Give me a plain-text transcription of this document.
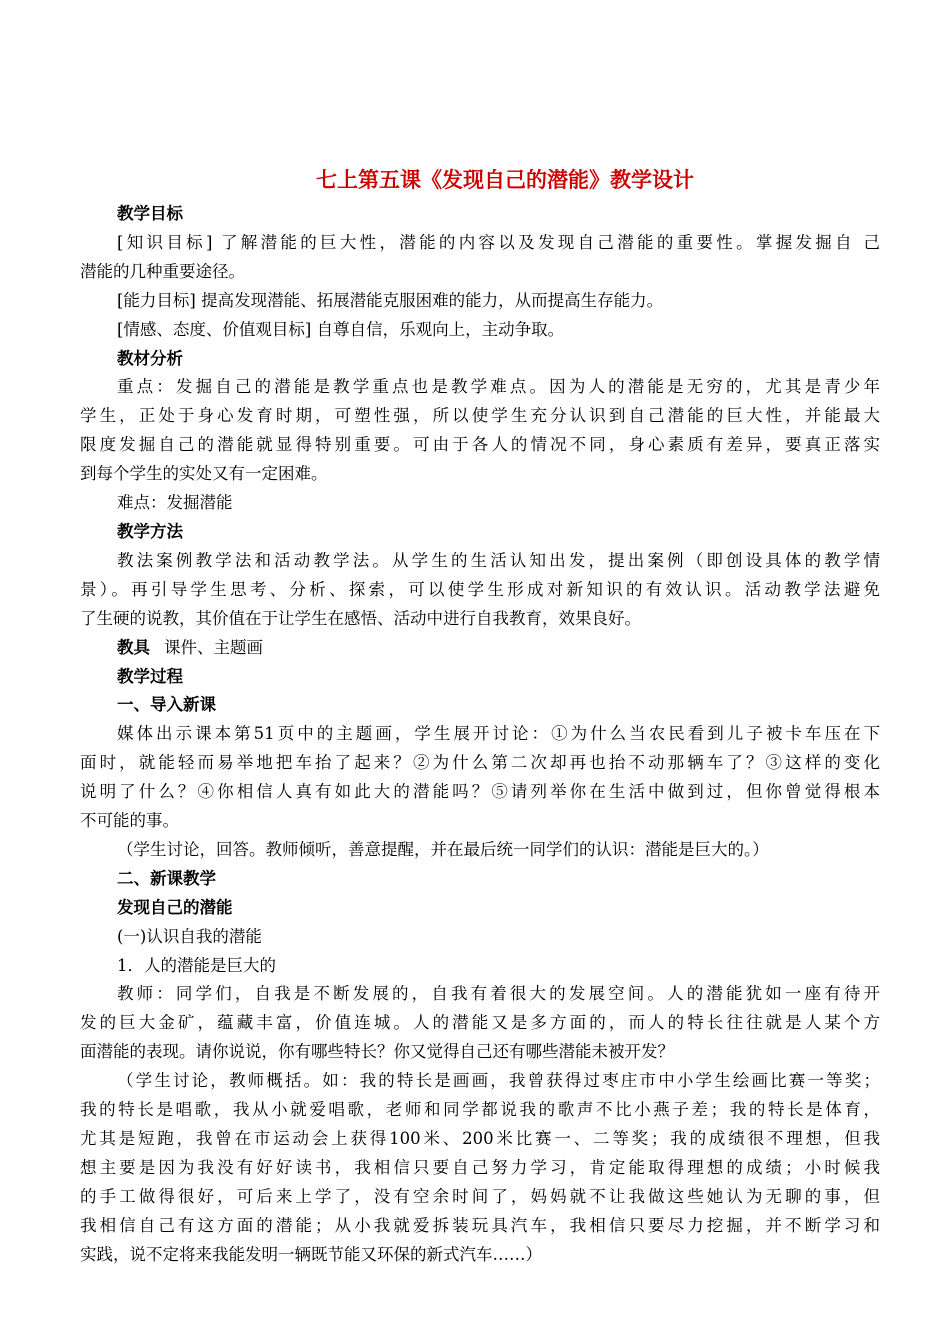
七上第五课《发现自己的潜能》教学设计
教学目标
[知识目标] 了解潜能的巨大性，潜能的内容以及发现自己潜能的重要性。掌握发掘自 己
潜能的几种重要途径。
[能力目标] 提高发现潜能、拓展潜能克服困难的能力，从而提高生存能力。
[情感、态度、价值观目标] 自尊自信，乐观向上，主动争取。
教材分析
重点：发掘自己的潜能是教学重点也是教学难点。因为人的潜能是无穷的，尤其是青少年
学生，正处于身心发育时期，可塑性强，所以使学生充分认识到自己潜能的巨大性，并能最大
限度发掘自己的潜能就显得特别重要。可由于各人的情况不同，身心素质有差异，要真正落实
到每个学生的实处又有一定困难。
难点：发掘潜能
教学方法
教法案例教学法和活动教学法。从学生的生活认知出发，提出案例（即创设具体的教学情
景）。再引导学生思考、分析、探索，可以使学生形成对新知识的有效认识。活动教学法避免
了生硬的说教，其价值在于让学生在感悟、活动中进行自我教育，效果良好。
教具 课件、主题画
教学过程
一、导入新课
媒体出示课本第51页中的主题画，学生展开讨论：①为什么当农民看到儿子被卡车压在下
面时，就能轻而易举地把车抬了起来？②为什么第二次却再也抬不动那辆车了？③这样的变化
说明了什么？④你相信人真有如此大的潜能吗？⑤请列举你在生活中做到过，但你曾觉得根本
不可能的事。
（学生讨论，回答。教师倾听，善意提醒，并在最后统一同学们的认识：潜能是巨大的。）
二、新课教学
发现自己的潜能
(一)认识自我的潜能
1．人的潜能是巨大的
教师：同学们，自我是不断发展的，自我有着很大的发展空间。人的潜能犹如一座有待开
发的巨大金矿，蕴藏丰富，价值连城。人的潜能又是多方面的，而人的特长往往就是人某个方
面潜能的表现。请你说说，你有哪些特长？你又觉得自己还有哪些潜能未被开发？
（学生讨论，教师概括。如：我的特长是画画，我曾获得过枣庄市中小学生绘画比赛一等奖；
我的特长是唱歌，我从小就爱唱歌，老师和同学都说我的歌声不比小燕子差；我的特长是体育，
尤其是短跑，我曾在市运动会上获得100米、200米比赛一、二等奖；我的成绩很不理想，但我
想主要是因为我没有好好读书，我相信只要自己努力学习，肯定能取得理想的成绩；小时候我
的手工做得很好，可后来上学了，没有空余时间了，妈妈就不让我做这些她认为无聊的事，但
我相信自己有这方面的潜能；从小我就爱拆装玩具汽车，我相信只要尽力挖掘，并不断学习和
实践，说不定将来我能发明一辆既节能又环保的新式汽车……）
